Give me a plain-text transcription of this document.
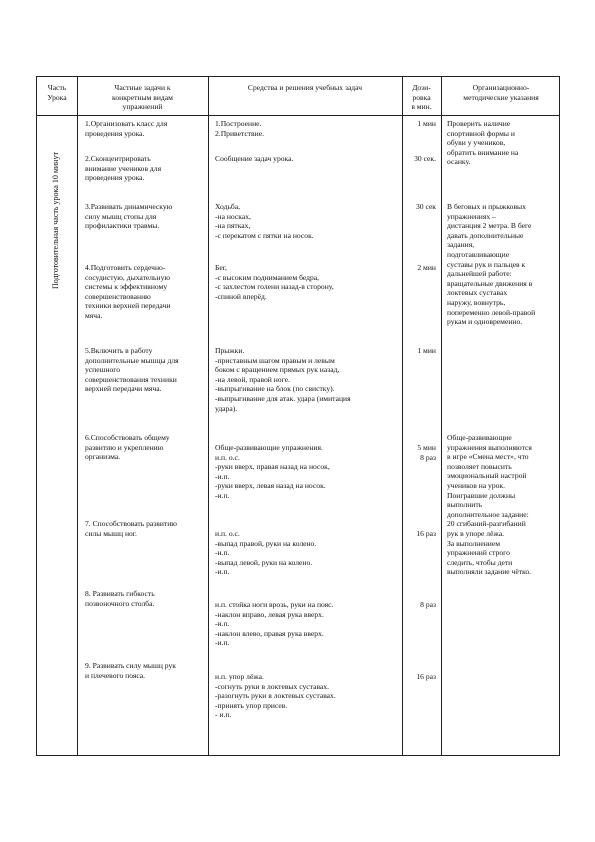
Часть
Урока
Частные задачи к
конкретным видам
упражнений
Средства и решения учебных задач	Дози-
ровка
в мин.
Организационно-
методические указания
Подготовительная часть урока 10 минут
1.Организовать класс для
проведения урока.
2.Сконцентрировать
внимание учеников для
проведения урока.
3.Развивать динамическую
силу мышц стопы для
профилактики травмы.
4.Подготовить сердечно-
сосудистую, дыхательную
системы к эффективному
совершенствованию
техники верхней передачи
мяча.
5.Включить в работу
дополнительные мышцы для
успешного
совершенствования техники
верхней передачи мяча.
6.Способствовать общему
развитию и укреплению
организма.
7. Способствовать развитию
силы мышц ног.
8. Развивать гибкость
позвоночного столба.
9. Развивать силу мышц рук
и плечевого пояса.
1.Построение.
2.Приветствие.
Сообщение задач урока.
Ходьба,
-на носках,
-на пятках,
-с перекатом с пятки на носок.
Бег,
-с высоким подниманием бедра,
-с захлестом голени назад-в сторону,
-спиной вперёд.
Прыжки.
-приставным шагом правым и левым
боком с вращением прямых рук назад,
-на левой, правой ноге.
-выпрыгивание на блок (по свистку).
-выпрыгивание для атак. удара (имитация
удара).
Обще-развивающие упражнения.
и.п. о.с.
-руки вверх, правая назад на носок,
-и.п.
-руки вверх, левая назад на носок.
-и.п.
и.п. о.с.
-выпад правой, руки на колено.
-и.п.
-выпад левой, руки на колено.
-и.п.
и.п. стойка ноги врозь, руки на пояс.
-наклон вправо, левая рука вверх.
-и.п.
-наклон влево, правая рука вверх.
-и.п.
и.п. упор лёжа.
-согнуть руки в локтевых суставах.
-разогнуть руки в локтевых суставах.
-принять упор присев.
- и.п.
1 мин
30 сек.
30 сек
2 мин
1 мин
5 мин
8 раз
16 раз
8 раз
16 раз
Проверить наличие
спортивной формы и
обуви у учеников,
обратить внимание на
осанку.
В беговых и прыжковых
упражнениях –
дистанция 2 метра. В беге
давать дополнительные
задания,
подготавливающие
суставы рук и пальцев к
дальнейшей работе:
вращательные движения в
локтевых суставах
наружу, вовнутрь,
попеременно левой-правой
рукам и одновременно.
Обще-развивающие
упражнения выполняются
в игре «Смена мест», что
позволяет повысить
эмоциональный настрой
учеников на урок.
Поигравшие должны
выполнить
дополнительное задание:
20 сгибаний-разгибаний
рук в упоре лёжа.
За выполнением
упражнений строго
следить, чтобы дети
выполняли задание чётко.
